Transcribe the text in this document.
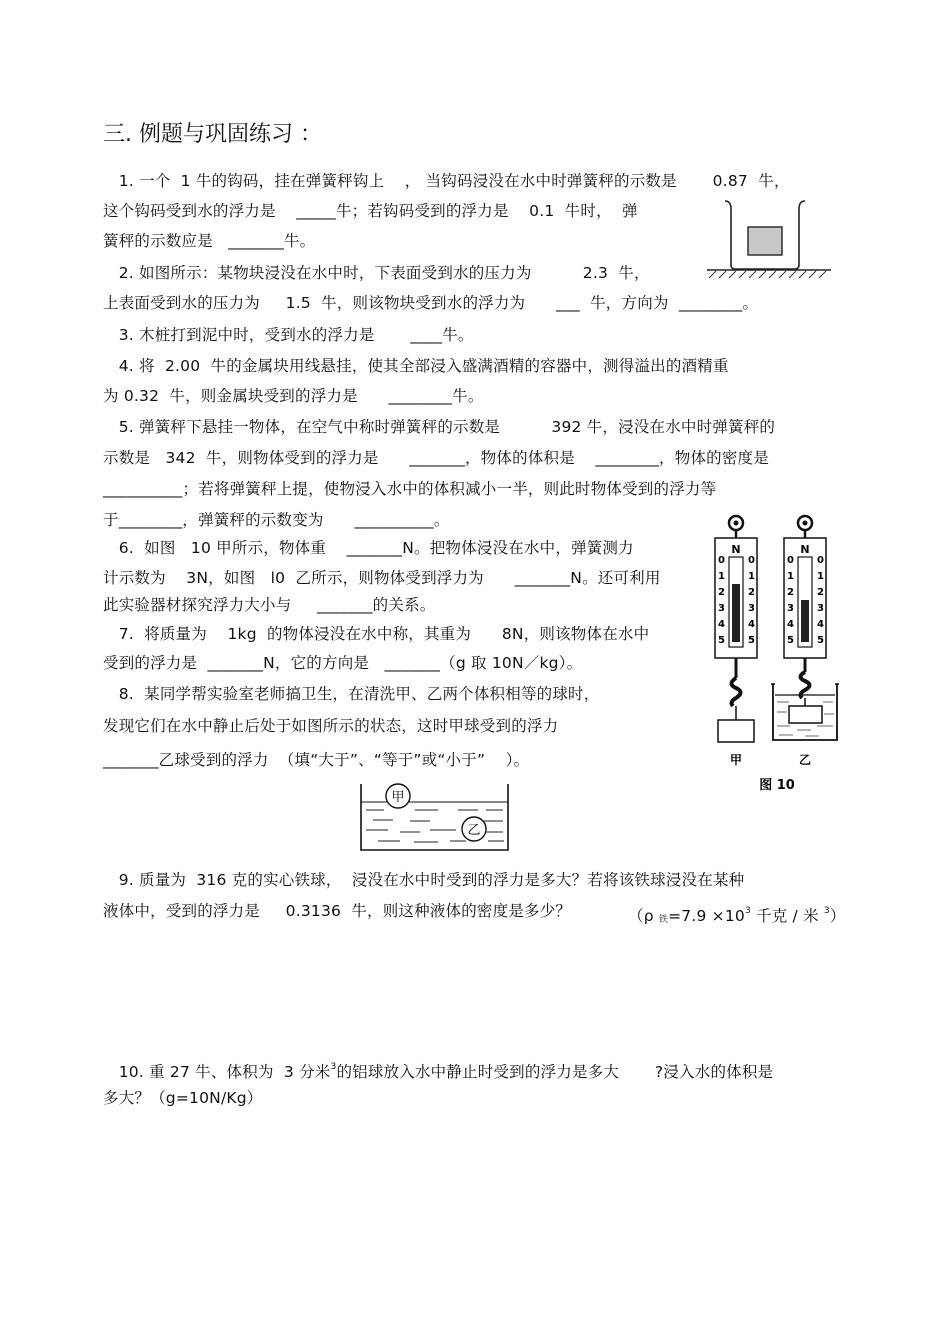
三. 例题与巩固练习 ：
　1. 一个  1 牛的钩码，挂在弹簧秤钩上    ， 当钩码浸没在水中时弹簧秤的示数是       0.87  牛，
这个钩码受到水的浮力是    _____牛；若钩码受到的浮力是    0.1  牛时，  弹
簧秤的示数应是   _______牛。
　2. 如图所示：某物块浸没在水中时，下表面受到水的压力为          2.3  牛，
上表面受到水的压力为     1.5  牛，则该物块受到水的浮力为      ___  牛，方向为  ________。
　3. 木桩打到泥中时，受到水的浮力是       ____牛。
　4. 将  2.00  牛的金属块用线悬挂，使其全部浸入盛满酒精的容器中，测得溢出的酒精重
为 0.32  牛，则金属块受到的浮力是      ________牛。
　5. 弹簧秤下悬挂一物体，在空气中称时弹簧秤的示数是          392 牛，浸没在水中时弹簧秤的
示数是   342  牛，则物体受到的浮力是      _______，物体的体积是    ________，物体的密度是
__________；若将弹簧秤上提，使物浸入水中的体积减小一半，则此时物体受到的浮力等
于________，弹簧秤的示数变为      __________。
　6.  如图   10 甲所示，物体重    _______N。把物体浸没在水中，弹簧测力
计示数为    3N，如图   l0  乙所示，则物体受到浮力为      _______N。还可利用
此实验器材探究浮力大小与     _______的关系。
　7.  将质量为    1kg  的物体浸没在水中称，其重为      8N，则该物体在水中
受到的浮力是  _______N，它的方向是   _______（g 取 10N／kg）。
　8.  某同学帮实验室老师搞卫生，在清洗甲、乙两个体积相等的球时，
发现它们在水中静止后处于如图所示的状态，这时甲球受到的浮力
_______乙球受到的浮力  （填“大于”、“等于”或“小于”    ）。
　9. 质量为  316 克的实心铁球，  浸没在水中时受到的浮力是多大？若将该铁球浸没在某种
液体中，受到的浮力是     0.3136  牛，则这种液体的密度是多少？	（ρ 铁$=7.9 \times 10^3$ 千克 / 米 $^3$）
　10. 重 27 牛、体积为  3 分米$^3$的铝球放入水中静止时受到的浮力是多大       ?浸入水的体积是
多大？（g=10N/Kg）
N
0 0
1 1
2 2
3 3
4 4
5 5
N
0 0
1 1
2 2
3 3
4 4
5 5
甲	乙
图 10
甲
乙
